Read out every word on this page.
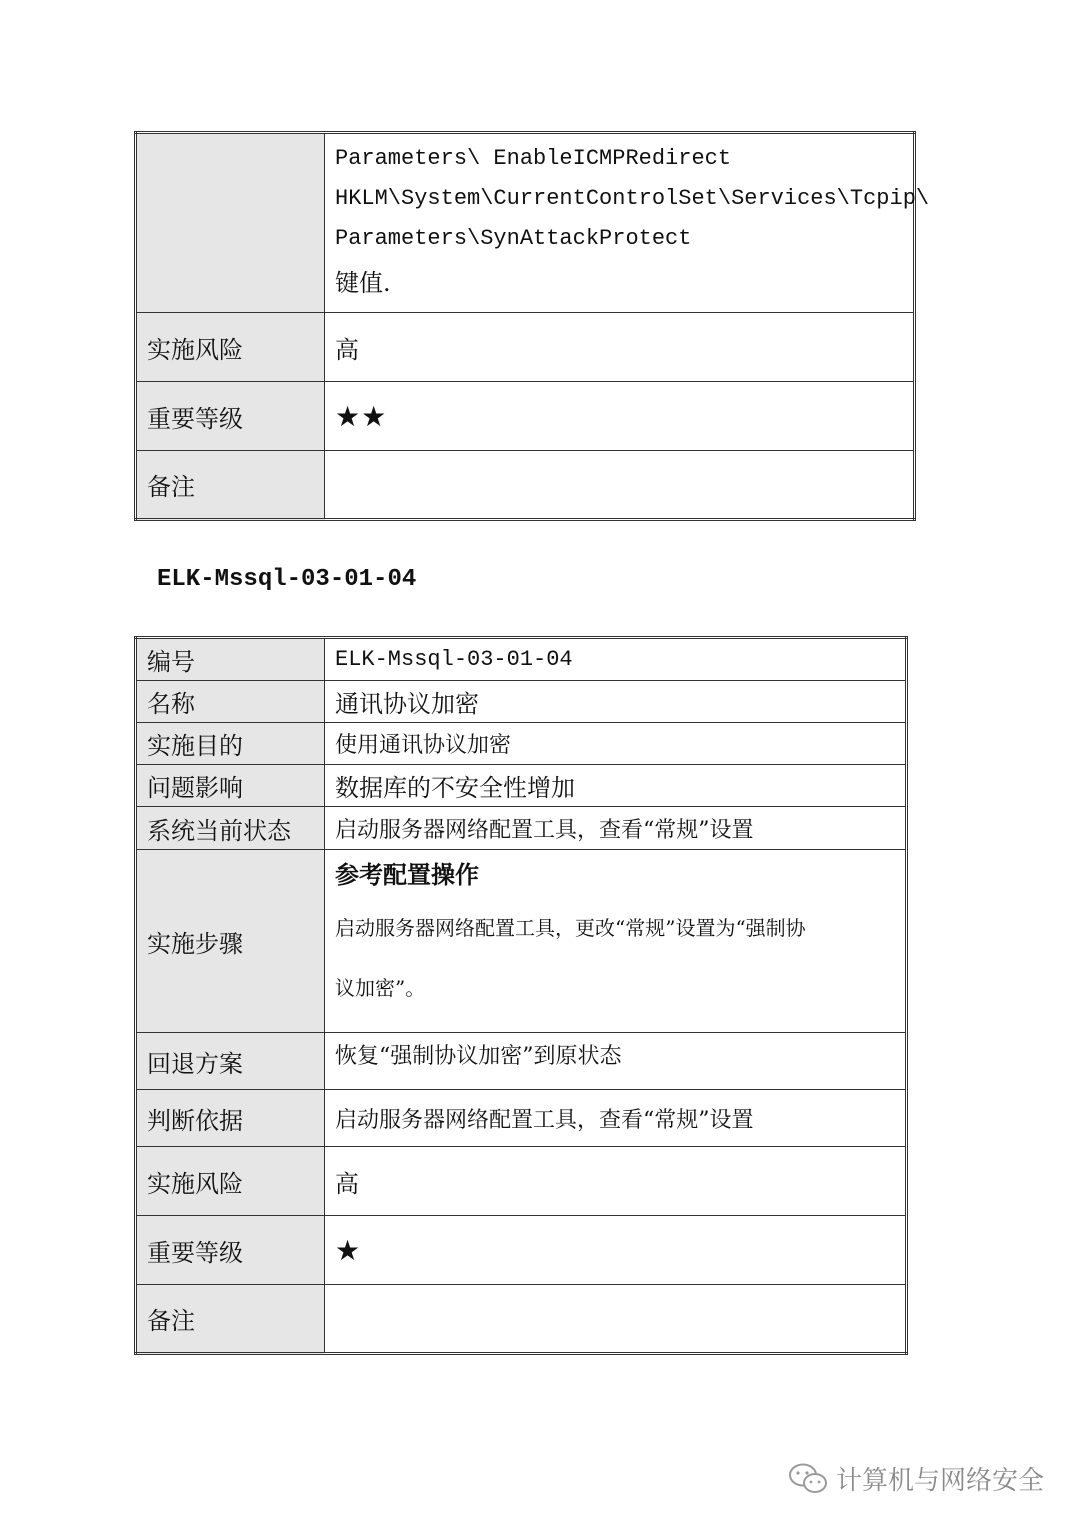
	Parameters\ EnableICMPRedirect
HKLM\System\CurrentControlSet\Services\Tcpip\
Parameters\SynAttackProtect
键值.

实施风险	高
重要等级	★★
备注	
ELK-Mssql-03-01-04
编号	ELK-Mssql-03-01-04
名称	通讯协议加密
实施目的	使用通讯协议加密
问题影响	数据库的不安全性增加
系统当前状态	启动服务器网络配置工具，查看“常规”设置
实施步骤	参考配置操作
启动服务器网络配置工具，更改“常规”设置为“强制协
议加密”。

回退方案	恢复“强制协议加密”到原状态
判断依据	启动服务器网络配置工具，查看“常规”设置
实施风险	高
重要等级	★
备注	
计算机与网络安全
